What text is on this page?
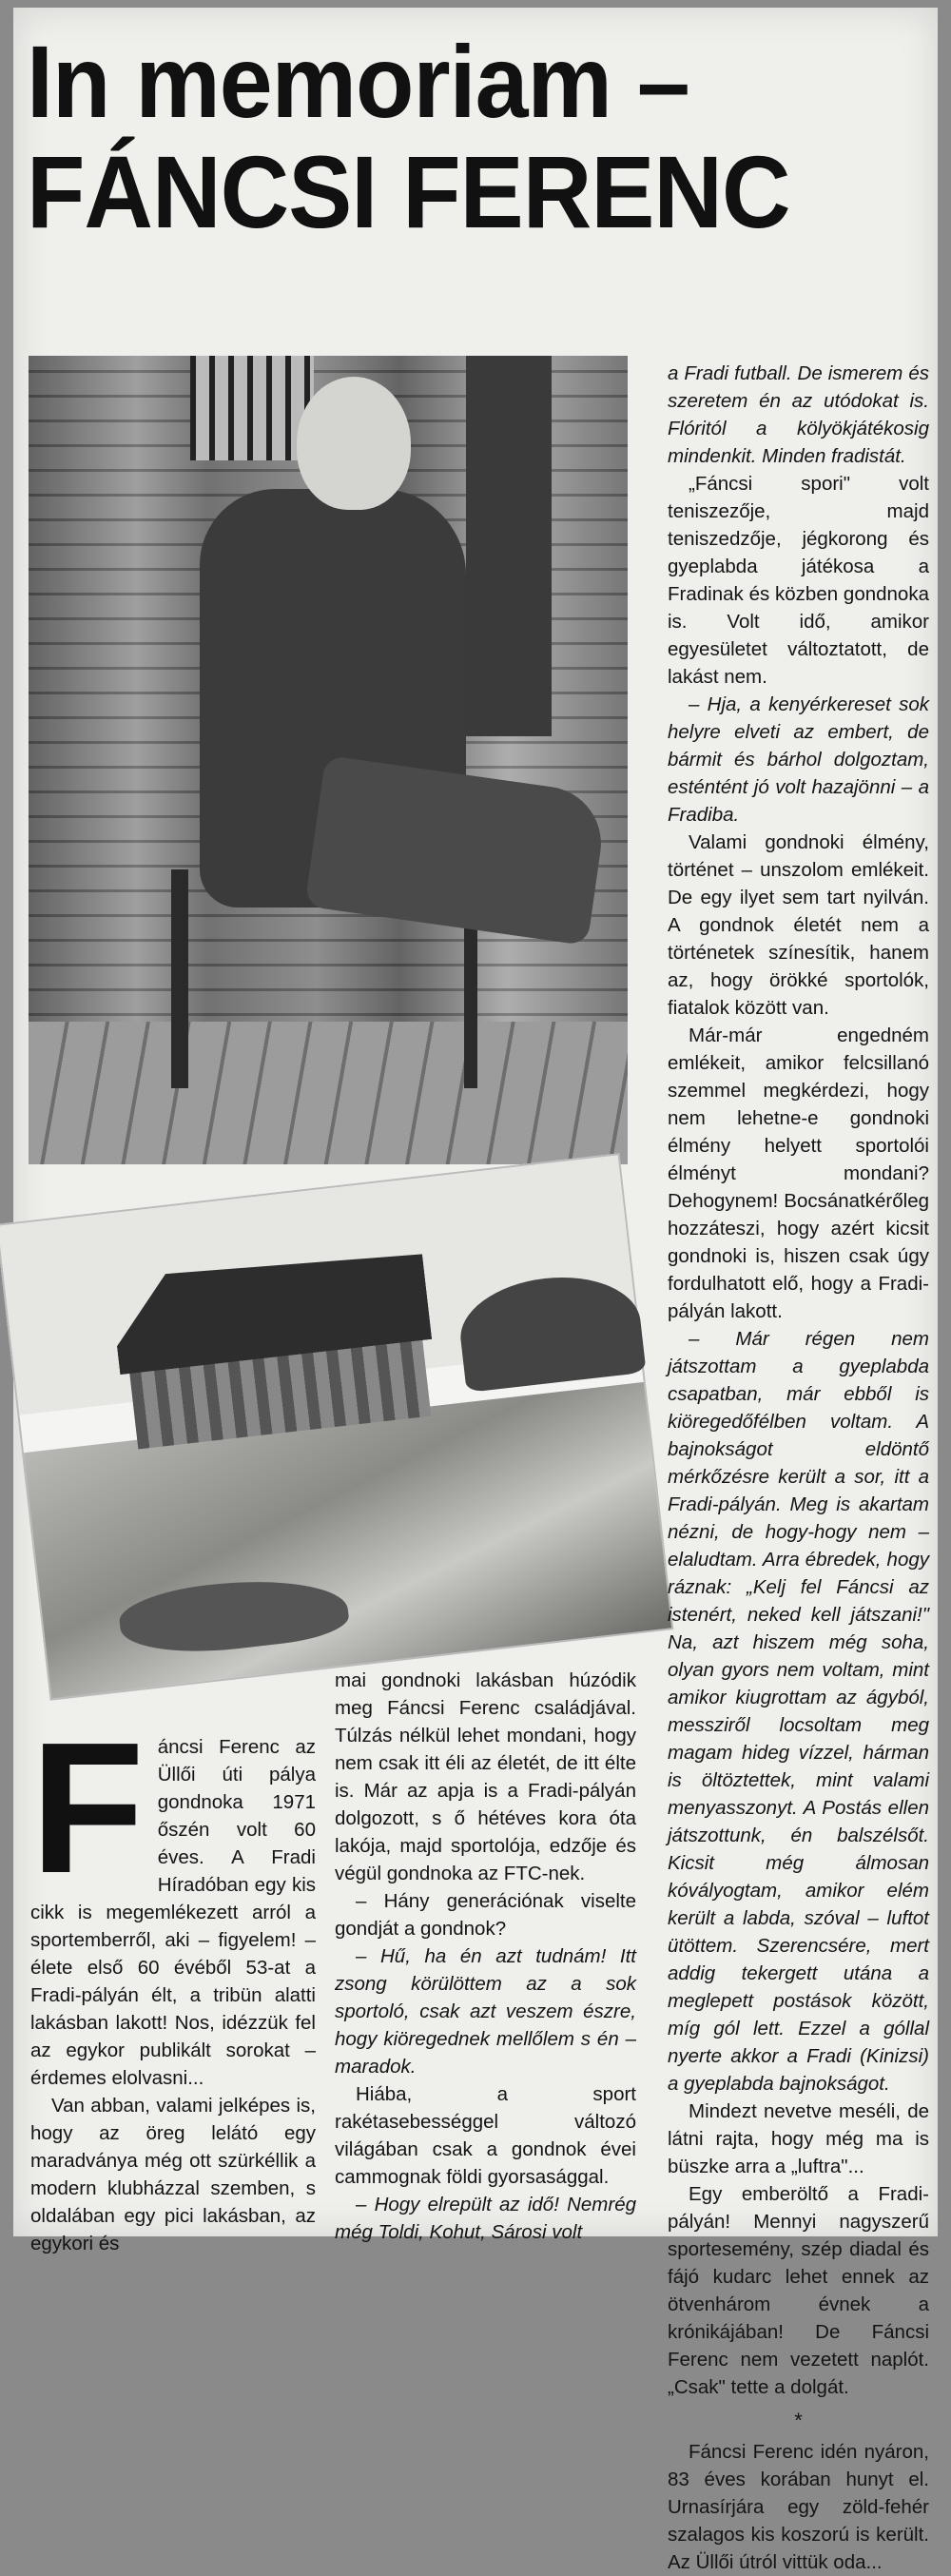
In memoriam –
FÁNCSI FERENC

a Fradi futball. De ismerem és szeretem én az utódokat is. Flóritól a kölyökjátékosig mindenkit. Minden fradistát.

„Fáncsi spori" volt teniszezője, majd teniszedzője, jégkorong és gyeplabda játékosa a Fradinak és közben gondnoka is. Volt idő, amikor egyesületet változtatott, de lakást nem.

– Hja, a kenyérkereset sok helyre elveti az embert, de bármit és bárhol dolgoztam, esténtént jó volt hazajönni – a Fradiba.

Valami gondnoki élmény, történet – unszolom emlékeit. De egy ilyet sem tart nyilván. A gondnok életét nem a történetek színesítik, hanem az, hogy örökké sportolók, fiatalok között van.

Már-már engedném emlékeit, amikor felcsillanó szemmel megkérdezi, hogy nem lehetne-e gondnoki élmény helyett sportolói élményt mondani? Dehogynem! Bocsánatkérőleg hozzáteszi, hogy azért kicsit gondnoki is, hiszen csak úgy fordulhatott elő, hogy a Fradi-pályán lakott.

– Már régen nem játszottam a gyeplabda csapatban, már ebből is kiöregedőfélben voltam. A bajnokságot eldöntő mérkőzésre került a sor, itt a Fradi-pályán. Meg is akartam nézni, de hogy-hogy nem – elaludtam. Arra ébredek, hogy ráznak: „Kelj fel Fáncsi az istenért, neked kell játszani!" Na, azt hiszem még soha, olyan gyors nem voltam, mint amikor kiugrottam az ágyból, messziről locsoltam meg magam hideg vízzel, hárman is öltöztettek, mint valami menyasszonyt. A Postás ellen játszottunk, én balszélsőt. Kicsit még álmosan kóvályogtam, amikor elém került a labda, szóval – luftot ütöttem. Szerencsére, mert addig tekergett utána a meglepett postások között, míg gól lett. Ezzel a góllal nyerte akkor a Fradi (Kinizsi) a gyeplabda bajnokságot.

Mindezt nevetve meséli, de látni rajta, hogy még ma is büszke arra a „luftra"...

Egy emberöltő a Fradi-pályán! Mennyi nagyszerű sportesemény, szép diadal és fájó kudarc lehet ennek az ötvenhárom évnek a krónikájában! De Fáncsi Ferenc nem vezetett naplót. „Csak" tette a dolgát.

*

Fáncsi Ferenc idén nyáron, 83 éves korában hunyt el. Urnasírjára egy zöld-fehér szalagos kis koszorú is került. Az Üllői útról vittük oda...

Fáncsi Ferenc az Üllői úti pálya gondnoka 1971 őszén volt 60 éves. A Fradi Híradóban egy kis cikk is megemlékezett arról a sportemberről, aki – figyelem! – élete első 60 évéből 53-at a Fradi-pályán élt, a tribün alatti lakásban lakott! Nos, idézzük fel az egykor publikált sorokat – érdemes elolvasni...

Van abban, valami jelképes is, hogy az öreg lelátó egy maradványa még ott szürkéllik a modern klubházzal szemben, s oldalában egy pici lakásban, az egykori és

mai gondnoki lakásban húzódik meg Fáncsi Ferenc családjával. Túlzás nélkül lehet mondani, hogy nem csak itt éli az életét, de itt élte is. Már az apja is a Fradi-pályán dolgozott, s ő hétéves kora óta lakója, majd sportolója, edzője és végül gondnoka az FTC-nek.

– Hány generációnak viselte gondját a gondnok?

– Hű, ha én azt tudnám! Itt zsong körülöttem az a sok sportoló, csak azt veszem észre, hogy kiöregednek mellőlem s én – maradok.

Hiába, a sport rakétasebességgel változó világában csak a gondnok évei cammognak földi gyorsasággal.

– Hogy elrepült az idő! Nemrég még Toldi, Kohut, Sárosi volt
